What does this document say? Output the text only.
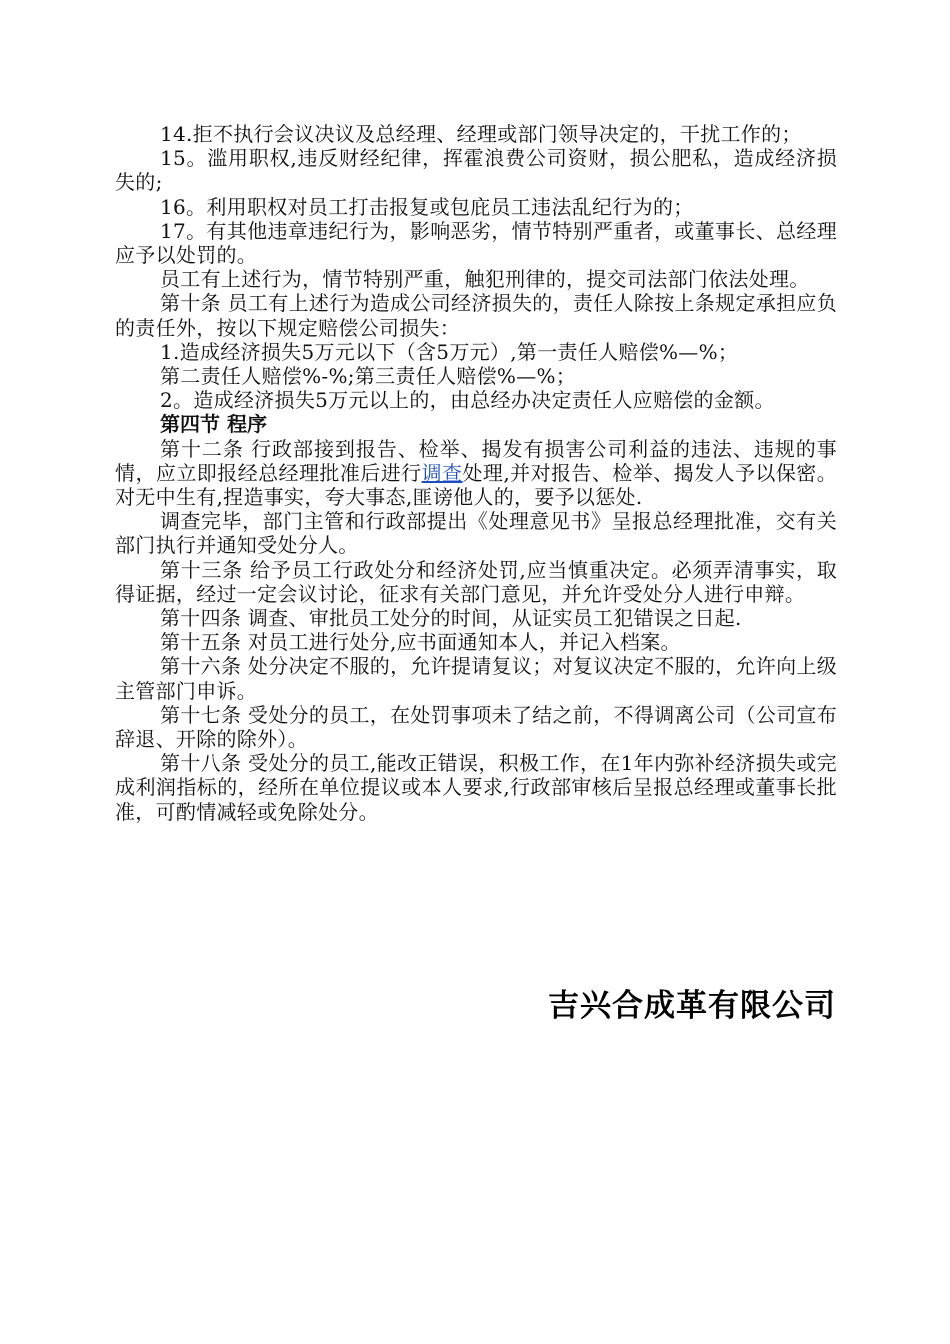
14.拒不执行会议决议及总经理、经理或部门领导决定的，干扰工作的；

15。滥用职权,违反财经纪律，挥霍浪费公司资财，损公肥私，造成经济损失的;

16。利用职权对员工打击报复或包庇员工违法乱纪行为的；

17。有其他违章违纪行为，影响恶劣，情节特别严重者，或董事长、总经理应予以处罚的。

员工有上述行为，情节特别严重，触犯刑律的，提交司法部门依法处理。

第十条 员工有上述行为造成公司经济损失的，责任人除按上条规定承担应负的责任外，按以下规定赔偿公司损失：

1.造成经济损失5万元以下（含5万元）,第一责任人赔偿%—%；

第二责任人赔偿%-%;第三责任人赔偿%—%；

2。造成经济损失5万元以上的，由总经办决定责任人应赔偿的金额。

第四节 程序

第十二条 行政部接到报告、检举、揭发有损害公司利益的违法、违规的事情，应立即报经总经理批准后进行调查处理,并对报告、检举、揭发人予以保密。对无中生有,捏造事实，夸大事态,匪谤他人的，要予以惩处.

调查完毕，部门主管和行政部提出《处理意见书》呈报总经理批准，交有关部门执行并通知受处分人。

第十三条 给予员工行政处分和经济处罚,应当慎重决定。必须弄清事实，取得证据，经过一定会议讨论，征求有关部门意见，并允许受处分人进行申辩。

第十四条 调查、审批员工处分的时间，从证实员工犯错误之日起.

第十五条 对员工进行处分,应书面通知本人，并记入档案。

第十六条 处分决定不服的，允许提请复议；对复议决定不服的，允许向上级主管部门申诉。

第十七条 受处分的员工，在处罚事项未了结之前，不得调离公司（公司宣布辞退、开除的除外）。

第十八条 受处分的员工,能改正错误，积极工作，在1年内弥补经济损失或完成利润指标的，经所在单位提议或本人要求,行政部审核后呈报总经理或董事长批准，可酌情减轻或免除处分。

吉兴合成革有限公司
